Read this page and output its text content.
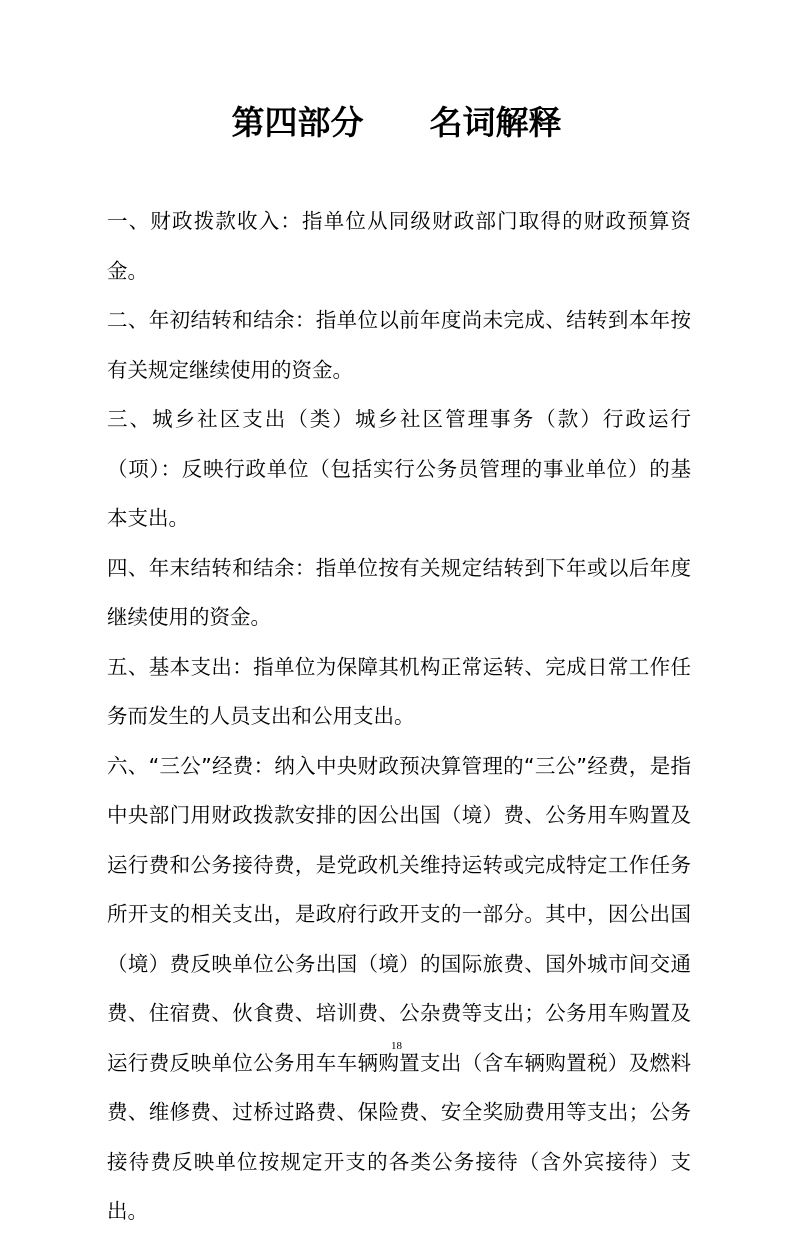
第四部分　　名词解释

一、财政拨款收入：指单位从同级财政部门取得的财政预算资金。

二、年初结转和结余：指单位以前年度尚未完成、结转到本年按有关规定继续使用的资金。

三、城乡社区支出（类）城乡社区管理事务（款）行政运行（项）：反映行政单位（包括实行公务员管理的事业单位）的基本支出。

四、年末结转和结余：指单位按有关规定结转到下年或以后年度继续使用的资金。

五、基本支出：指单位为保障其机构正常运转、完成日常工作任务而发生的人员支出和公用支出。

六、“三公”经费：纳入中央财政预决算管理的“三公”经费，是指中央部门用财政拨款安排的因公出国（境）费、公务用车购置及运行费和公务接待费，是党政机关维持运转或完成特定工作任务所开支的相关支出，是政府行政开支的一部分。其中，因公出国（境）费反映单位公务出国（境）的国际旅费、国外城市间交通费、住宿费、伙食费、培训费、公杂费等支出；公务用车购置及运行费反映单位公务用车车辆购置支出（含车辆购置税）及燃料费、维修费、过桥过路费、保险费、安全奖励费用等支出；公务接待费反映单位按规定开支的各类公务接待（含外宾接待）支出。

18
